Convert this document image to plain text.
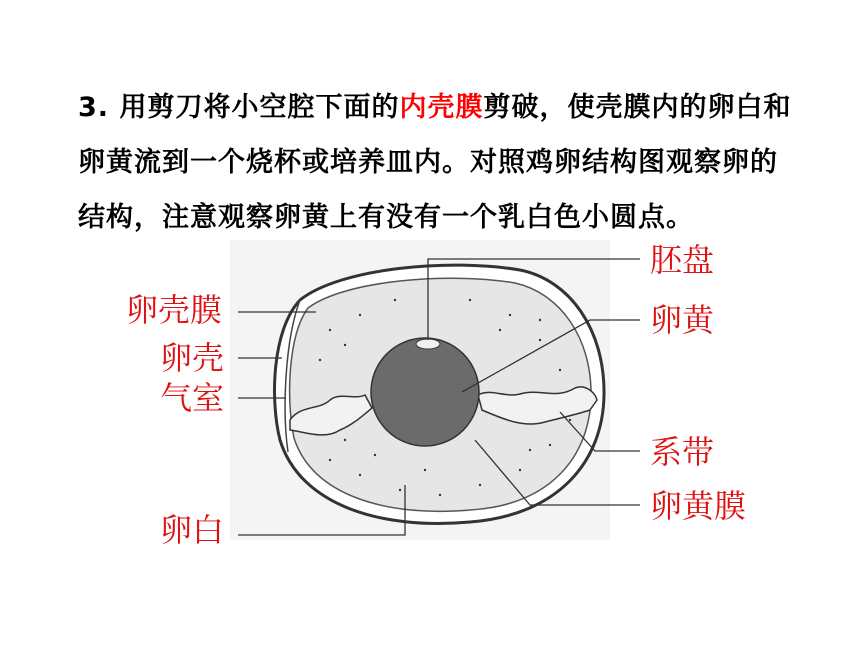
3. 用剪刀将小空腔下面的内壳膜剪破，使壳膜内的卵白和卵黄流到一个烧杯或培养皿内。对照鸡卵结构图观察卵的结构，注意观察卵黄上有没有一个乳白色小圆点。
胚盘
卵黄
卵壳膜
卵壳
气室
系带
卵黄膜
卵白
